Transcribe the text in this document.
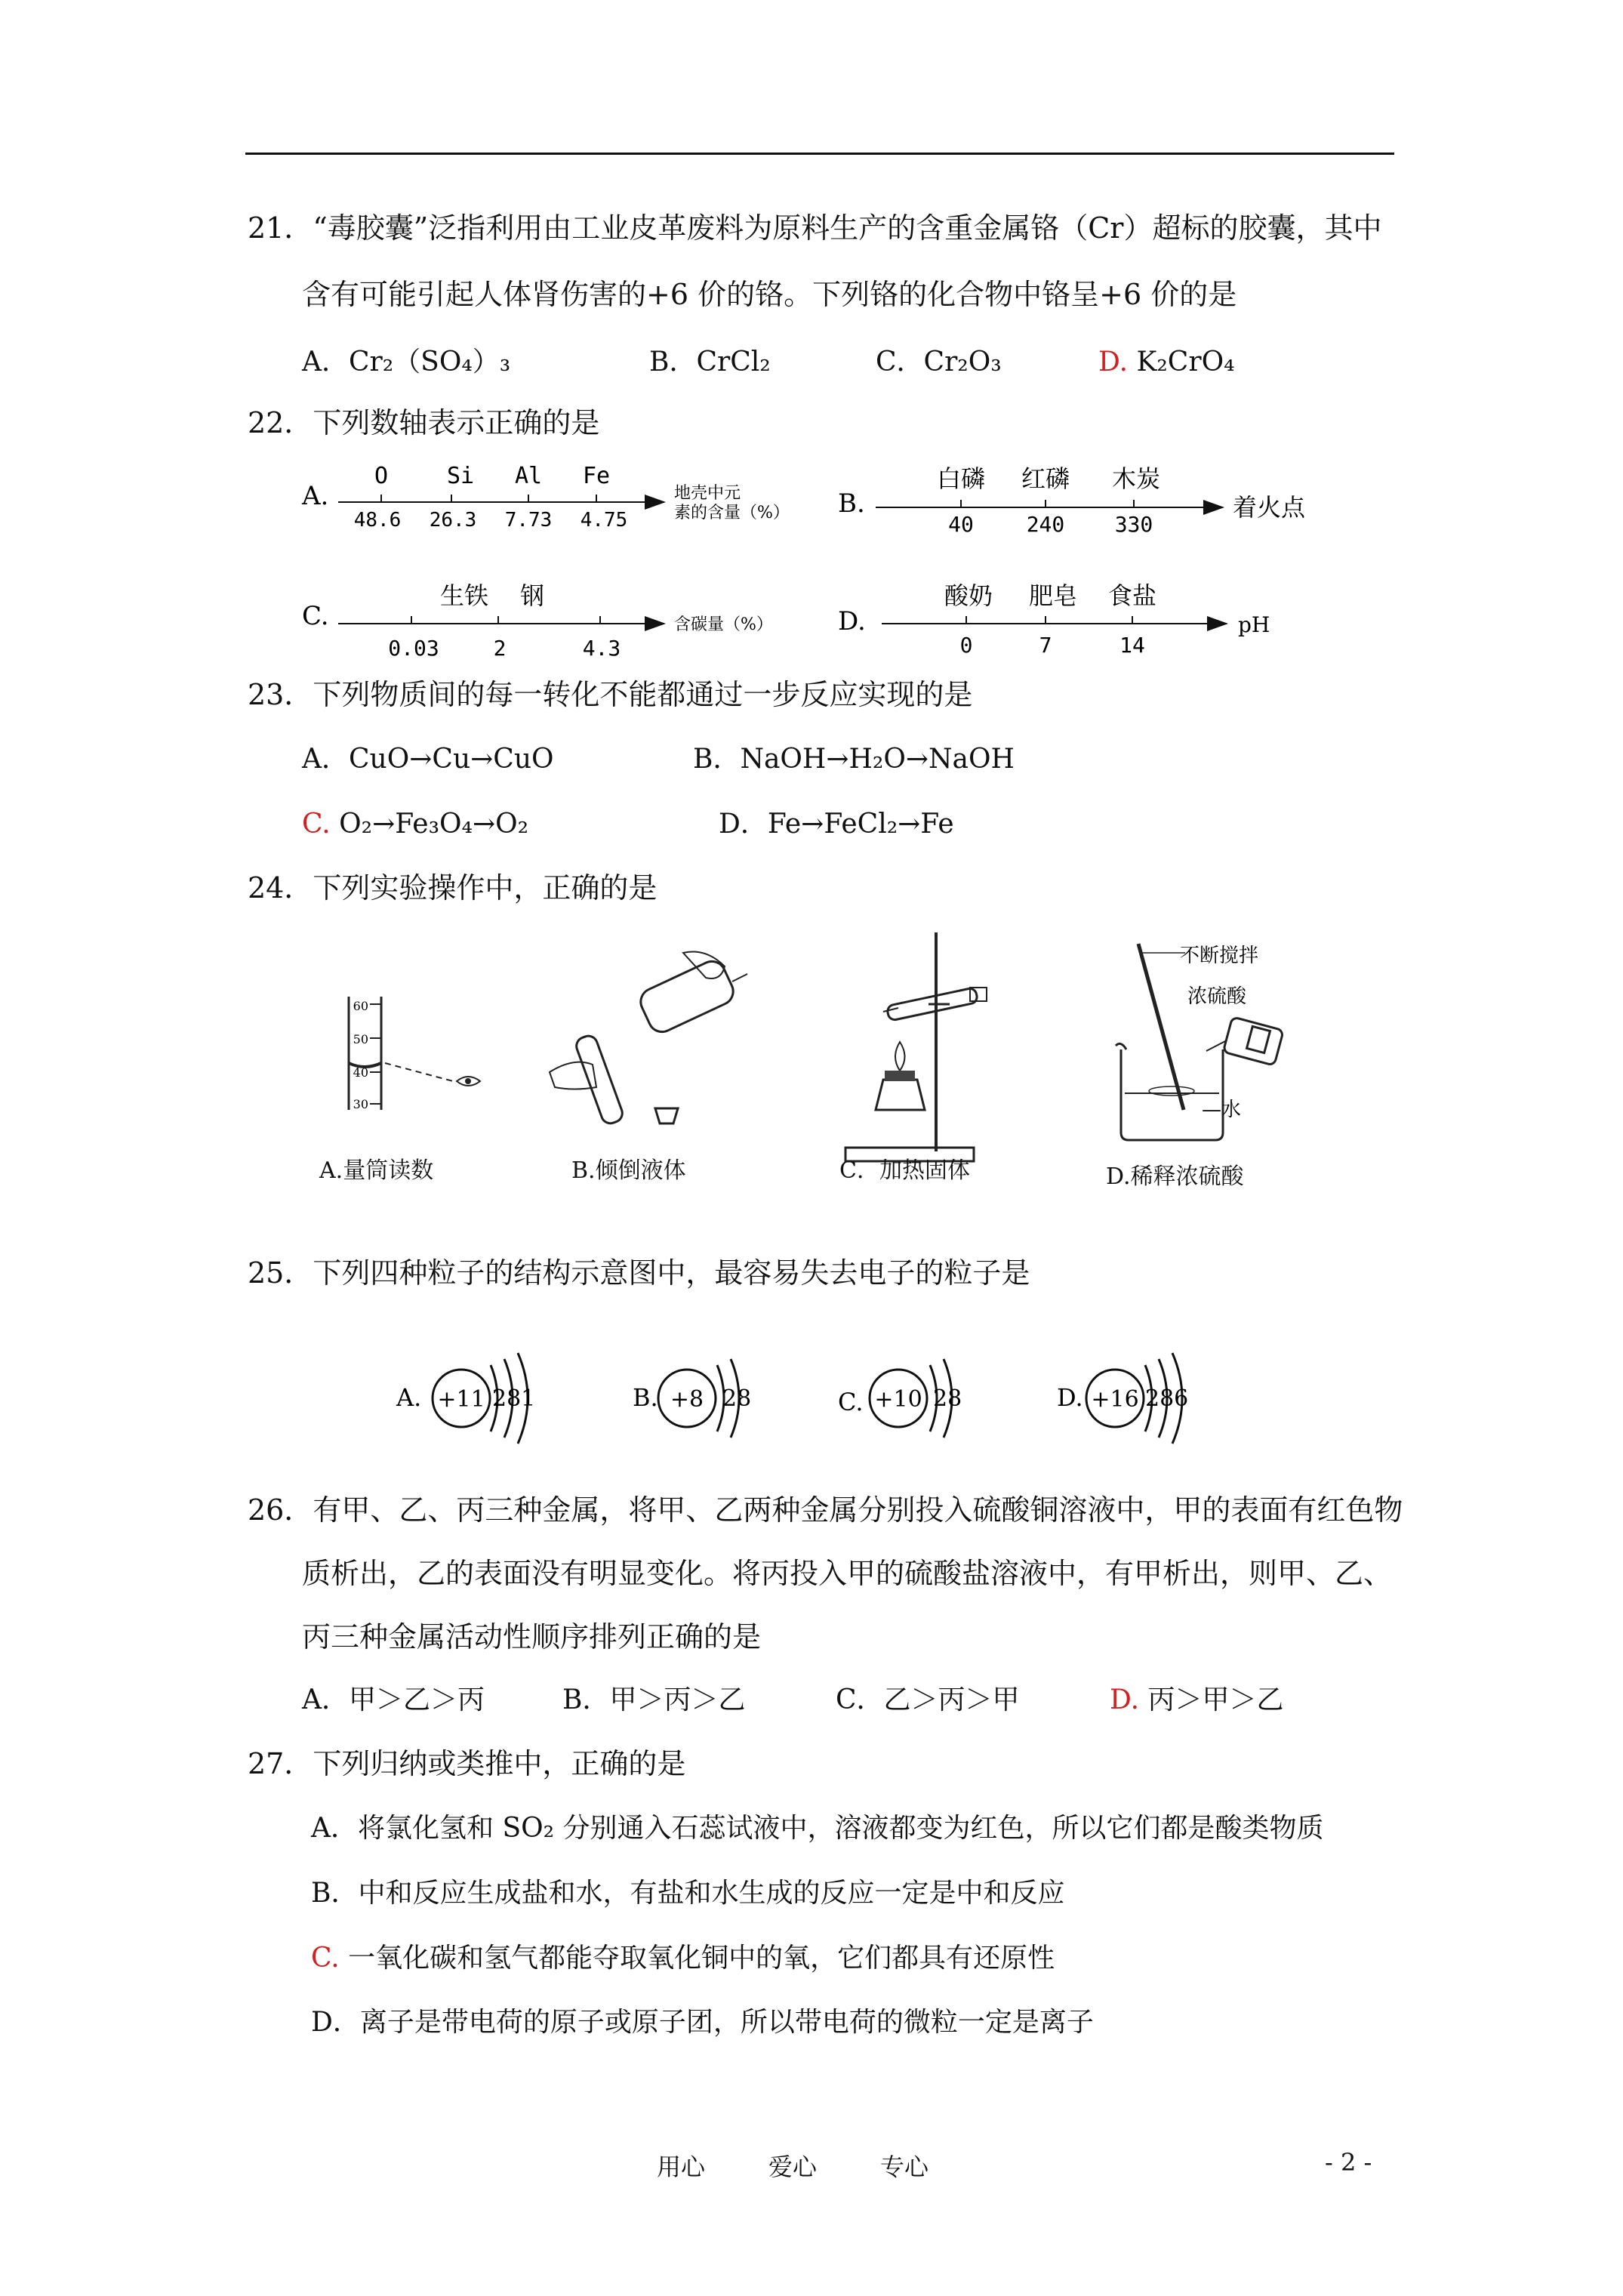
21．“毒胶囊”泛指利用由工业皮革废料为原料生产的含重金属铬（Cr）超标的胶囊，其中
含有可能引起人体肾伤害的+6 价的铬。下列铬的化合物中铬呈+6 价的是
A．Cr₂（SO₄）₃	B．CrCl₂	C．Cr₂O₃	D. K₂CrO₄
22．下列数轴表示正确的是
A.
O	Si Al Fe
48.6 26.3 7.73 4.75
地壳中元
素的含量（%） B.
白磷 红磷 木炭
40 240 330
着火点
C.
生铁 钢
0.03	2	4.3
含碳量（%）	D.
酸奶 肥皂 食盐
0	7	14
pH
23．下列物质间的每一转化不能都通过一步反应实现的是
A．CuO→Cu→CuO	B．NaOH→H₂O→NaOH
C. O₂→Fe₃O₄→O₂	D．Fe→FeCl₂→Fe
24．下列实验操作中，正确的是
60
50
40
30
不断搅拌
浓硫酸
—水
A.量筒读数	B.倾倒液体	C．加热固体	D.稀释浓硫酸
25．下列四种粒子的结构示意图中，最容易失去电子的粒子是
A. +11 281	B. +8 28	C. +10 28	D. +16 286
26．有甲、乙、丙三种金属，将甲、乙两种金属分别投入硫酸铜溶液中，甲的表面有红色物
质析出，乙的表面没有明显变化。将丙投入甲的硫酸盐溶液中，有甲析出，则甲、乙、
丙三种金属活动性顺序排列正确的是
A．甲＞乙＞丙	B．甲＞丙＞乙	C．乙＞丙＞甲	D. 丙＞甲＞乙
27．下列归纳或类推中，正确的是
A．将氯化氢和 SO₂ 分别通入石蕊试液中，溶液都变为红色，所以它们都是酸类物质
B．中和反应生成盐和水，有盐和水生成的反应一定是中和反应
C. 一氧化碳和氢气都能夺取氧化铜中的氧，它们都具有还原性
D．离子是带电荷的原子或原子团，所以带电荷的微粒一定是离子
用心	爱心	专心	- 2 -
